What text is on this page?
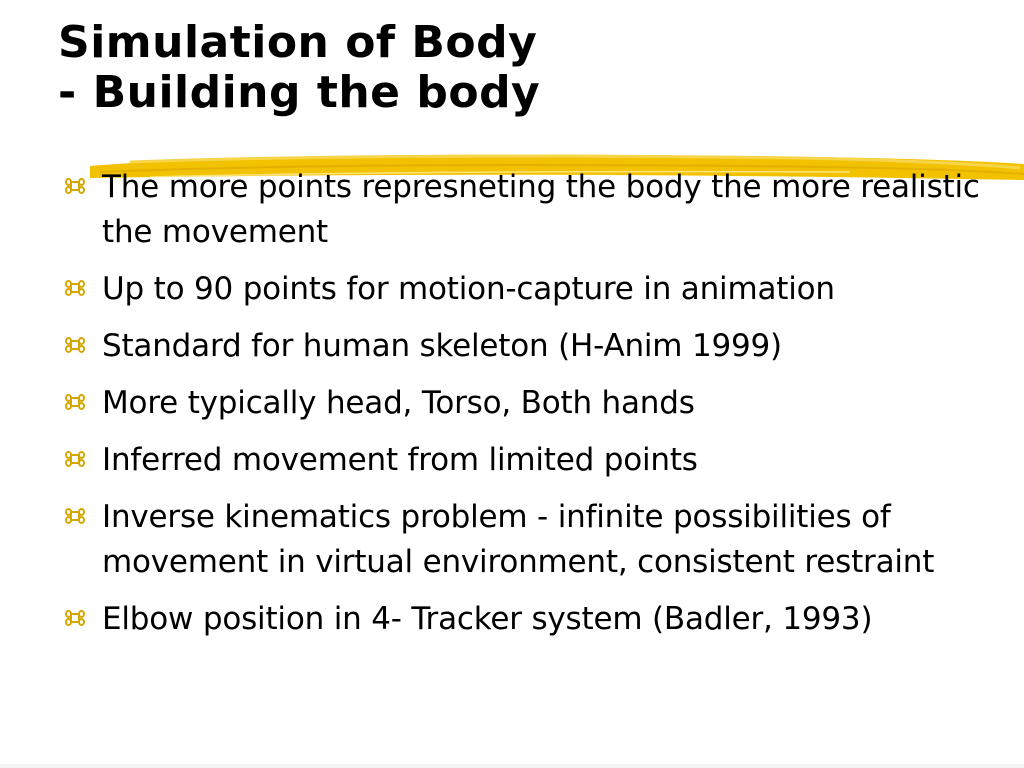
Simulation of Body
- Building the body
The more points represneting the body the more realistic the movement
Up to 90 points for motion-capture in animation
Standard for human skeleton (H-Anim 1999)
More typically head, Torso, Both hands
Inferred movement from limited points
Inverse kinematics problem - infinite possibilities of movement in virtual environment, consistent restraint
Elbow position in 4- Tracker system (Badler, 1993)
